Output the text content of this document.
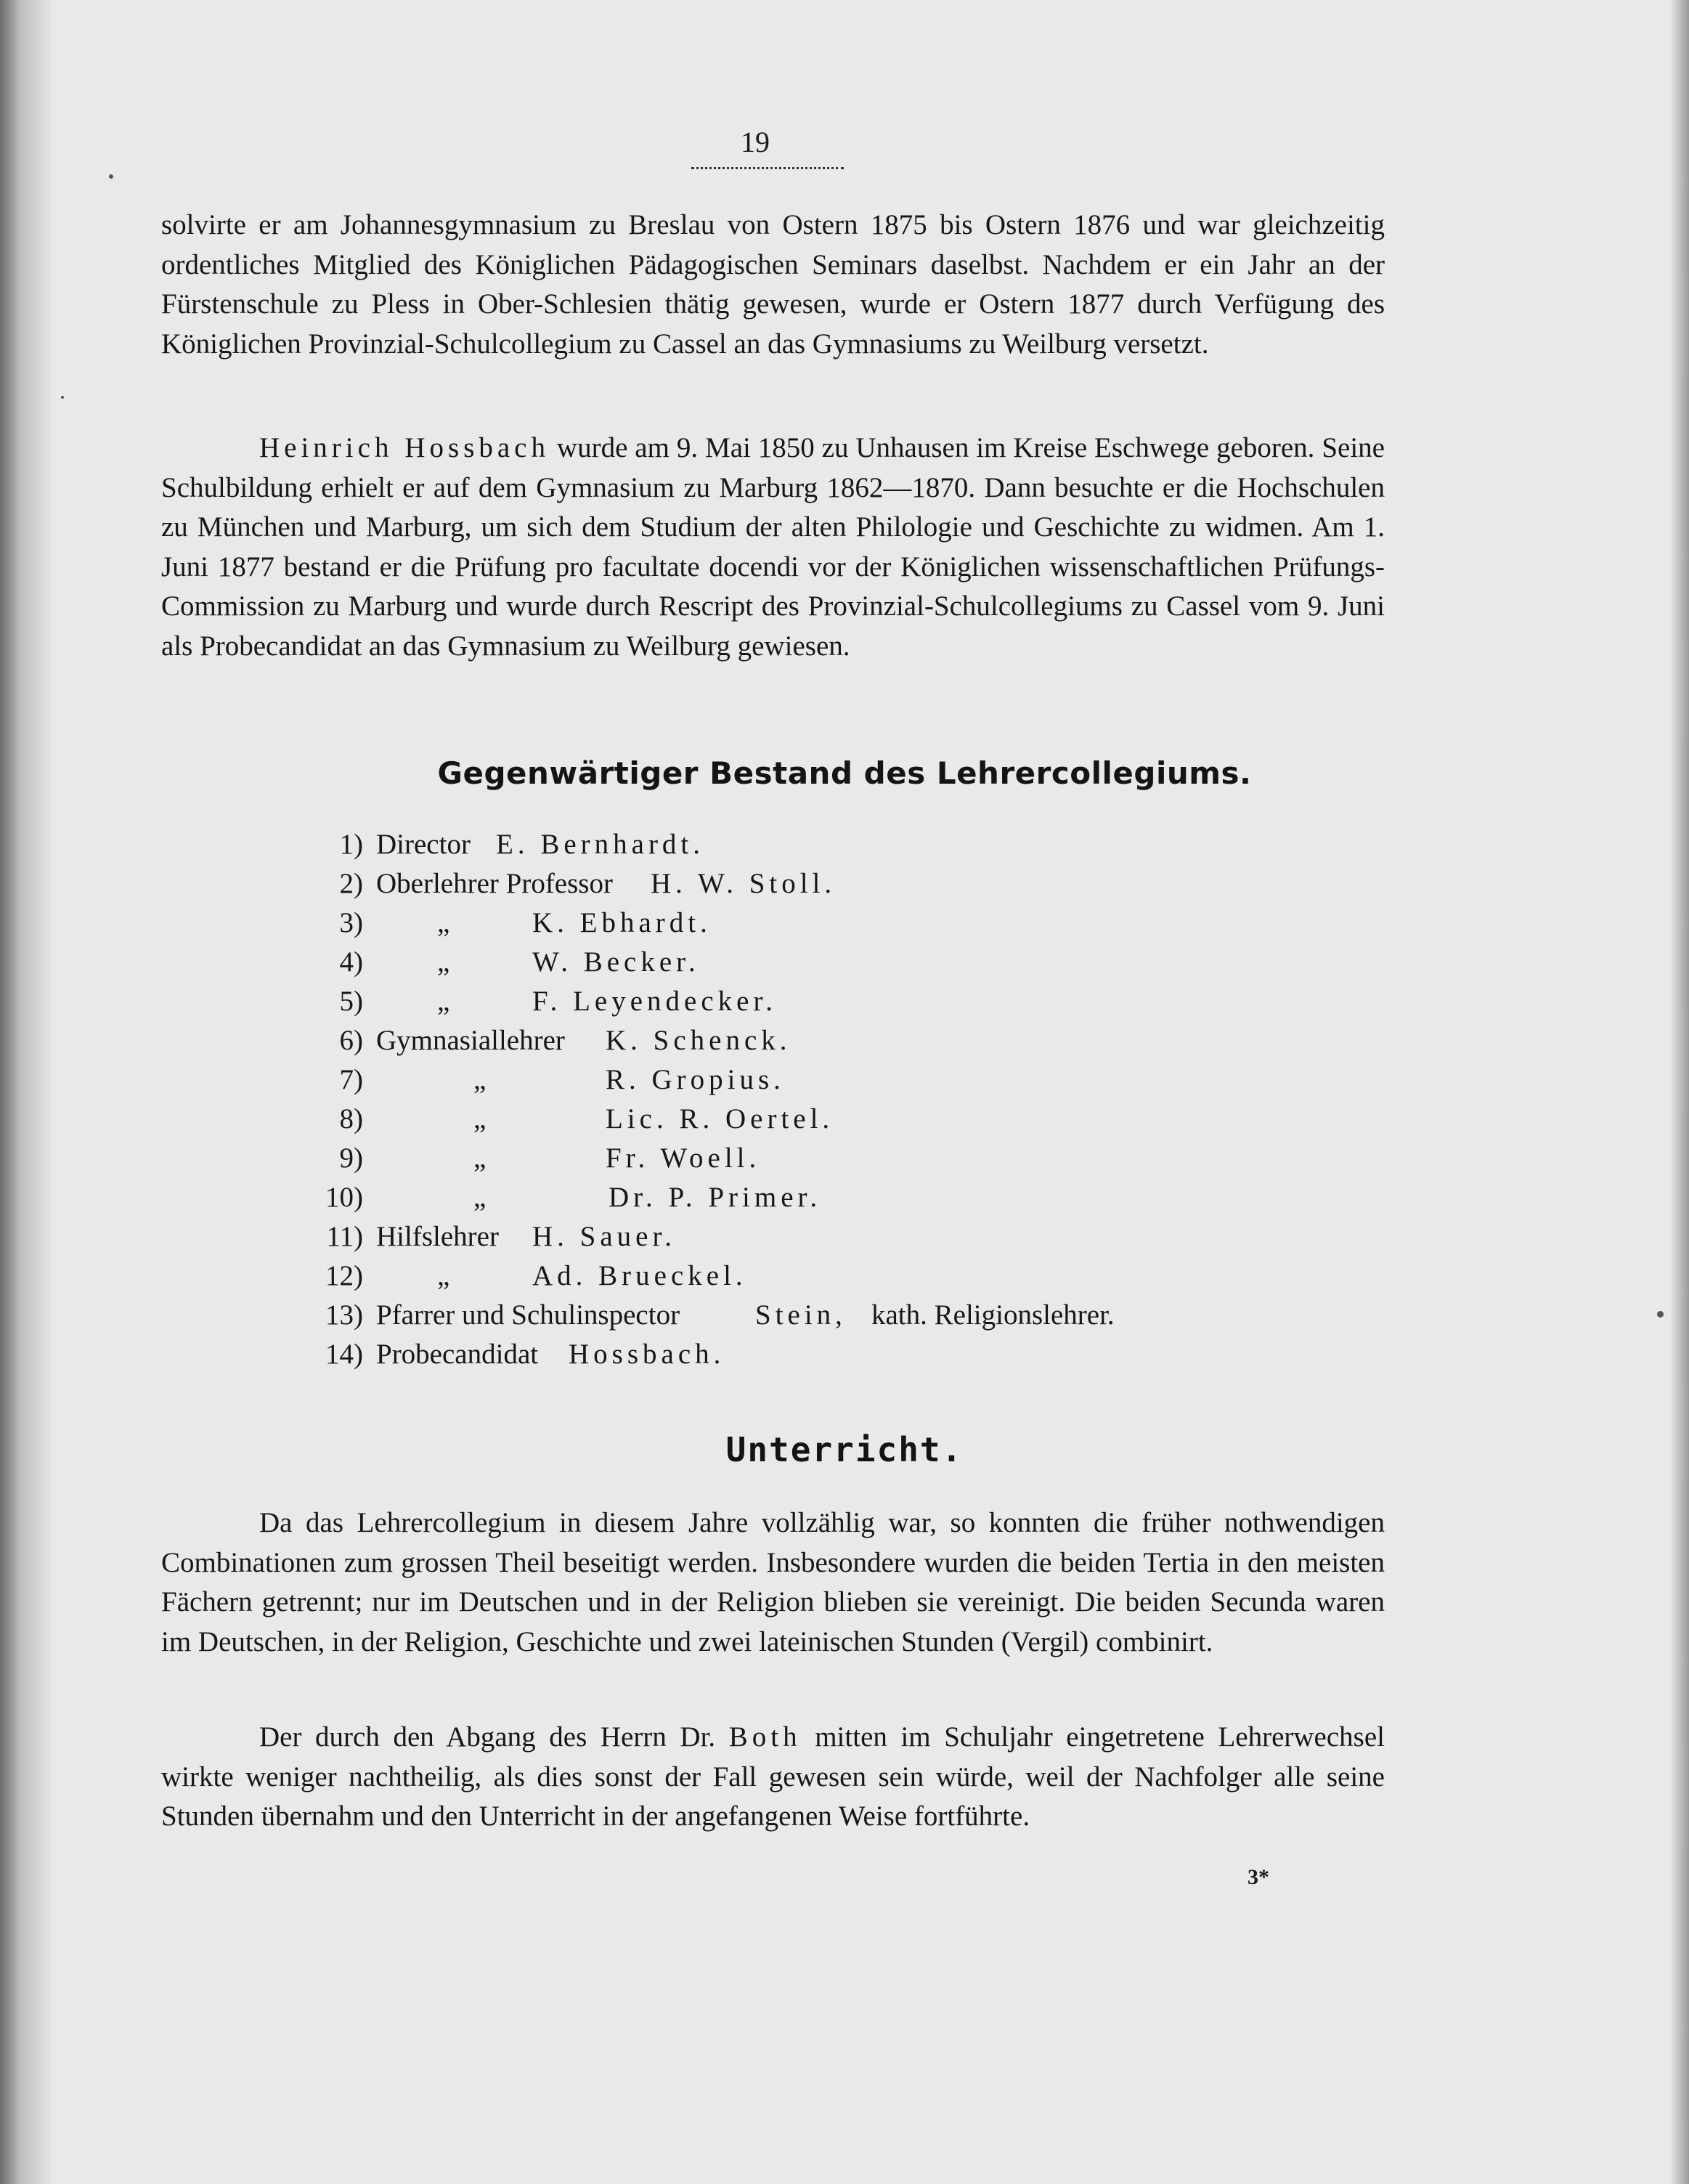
19

solvirte er am Johannesgymnasium zu Breslau von Ostern 1875 bis Ostern 1876 und war gleichzeitig ordentliches Mitglied des Königlichen Pädagogischen Seminars daselbst. Nachdem er ein Jahr an der Fürstenschule zu Pless in Ober-Schlesien thätig gewesen, wurde er Ostern 1877 durch Verfügung des Königlichen Provinzial-Schulcollegium zu Cassel an das Gymnasiums zu Weilburg versetzt.

Heinrich Hossbach wurde am 9. Mai 1850 zu Unhausen im Kreise Eschwege geboren. Seine Schulbildung erhielt er auf dem Gymnasium zu Marburg 1862—1870. Dann besuchte er die Hochschulen zu München und Marburg, um sich dem Studium der alten Philologie und Geschichte zu widmen. Am 1. Juni 1877 bestand er die Prüfung pro facultate docendi vor der Königlichen wissenschaftlichen Prüfungs-Commission zu Marburg und wurde durch Rescript des Provinzial-Schulcollegiums zu Cassel vom 9. Juni als Probecandidat an das Gymnasium zu Weilburg gewiesen.

Gegenwärtiger Bestand des Lehrercollegiums.
1) Director E. Bernhardt.
2) Oberlehrer Professor H. W. Stoll.
3)	„	K. Ebhardt.
4)	„	W. Becker.
5)	„	F. Leyendecker.
6) Gymnasiallehrer K. Schenck.
7)	„	R. Gropius.
8)	„	Lic. R. Oertel.
9)	„	Fr. Woell.
10)	„	Dr. P. Primer.
11) Hilfslehrer H. Sauer.
12)	„	Ad. Brueckel.
13) Pfarrer und Schulinspector	Stein, kath. Religionslehrer.
14) Probecandidat Hossbach.
Unterricht.

Da das Lehrercollegium in diesem Jahre vollzählig war, so konnten die früher nothwendigen Combinationen zum grossen Theil beseitigt werden. Insbesondere wurden die beiden Tertia in den meisten Fächern getrennt; nur im Deutschen und in der Religion blieben sie vereinigt. Die beiden Secunda waren im Deutschen, in der Religion, Geschichte und zwei lateinischen Stunden (Vergil) combinirt.

Der durch den Abgang des Herrn Dr. Both mitten im Schuljahr eingetretene Lehrerwechsel wirkte weniger nachtheilig, als dies sonst der Fall gewesen sein würde, weil der Nachfolger alle seine Stunden übernahm und den Unterricht in der angefangenen Weise fortführte.

3*
